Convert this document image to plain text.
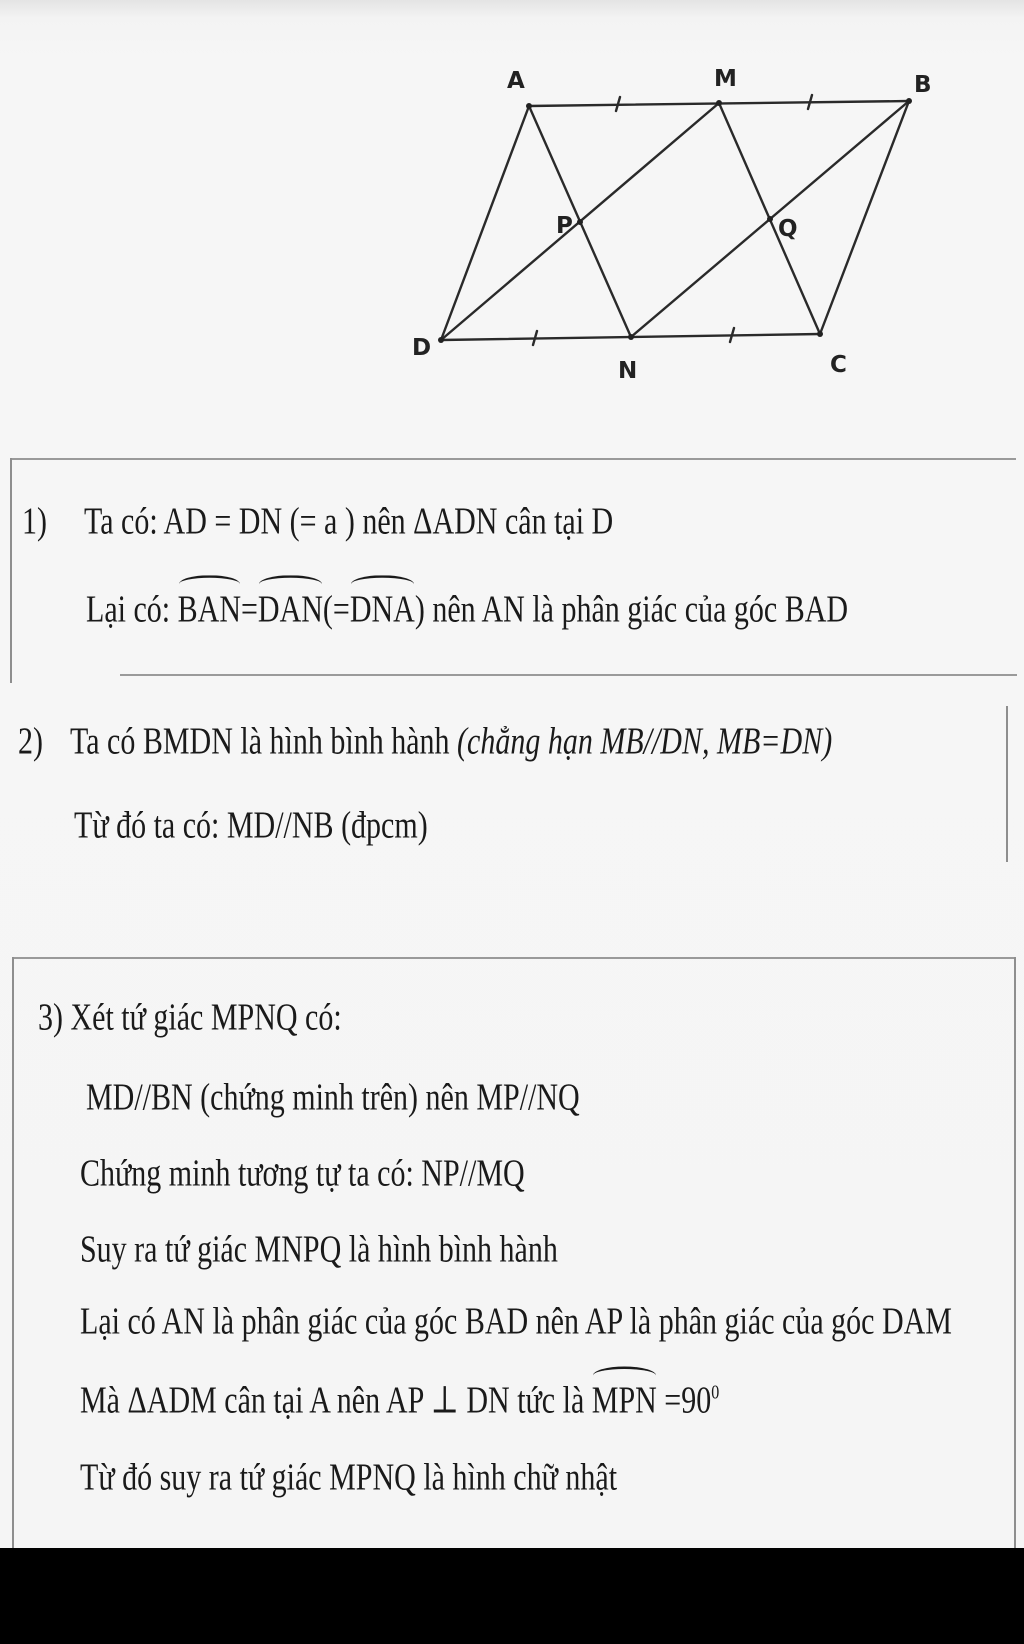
A	M	B
P	Q
D
N	C
1) Ta có: AD = DN (= a ) nên ΔADN cân tại D
Lại có: BAN=DAN(=DNA) nên AN là phân giác của góc BAD
2) Ta có BMDN là hình bình hành (chẳng hạn MB//DN, MB=DN)
Từ đó ta có: MD//NB (đpcm)
3) Xét tứ giác MPNQ có:
MD//BN (chứng minh trên) nên MP//NQ
Chứng minh tương tự ta có: NP//MQ
Suy ra tứ giác MNPQ là hình bình hành
Lại có AN là phân giác của góc BAD nên AP là phân giác của góc DAM
Mà ΔADM cân tại A nên AP ⊥ DN tức là MPN $=90^0$
Từ đó suy ra tứ giác MPNQ là hình chữ nhật
